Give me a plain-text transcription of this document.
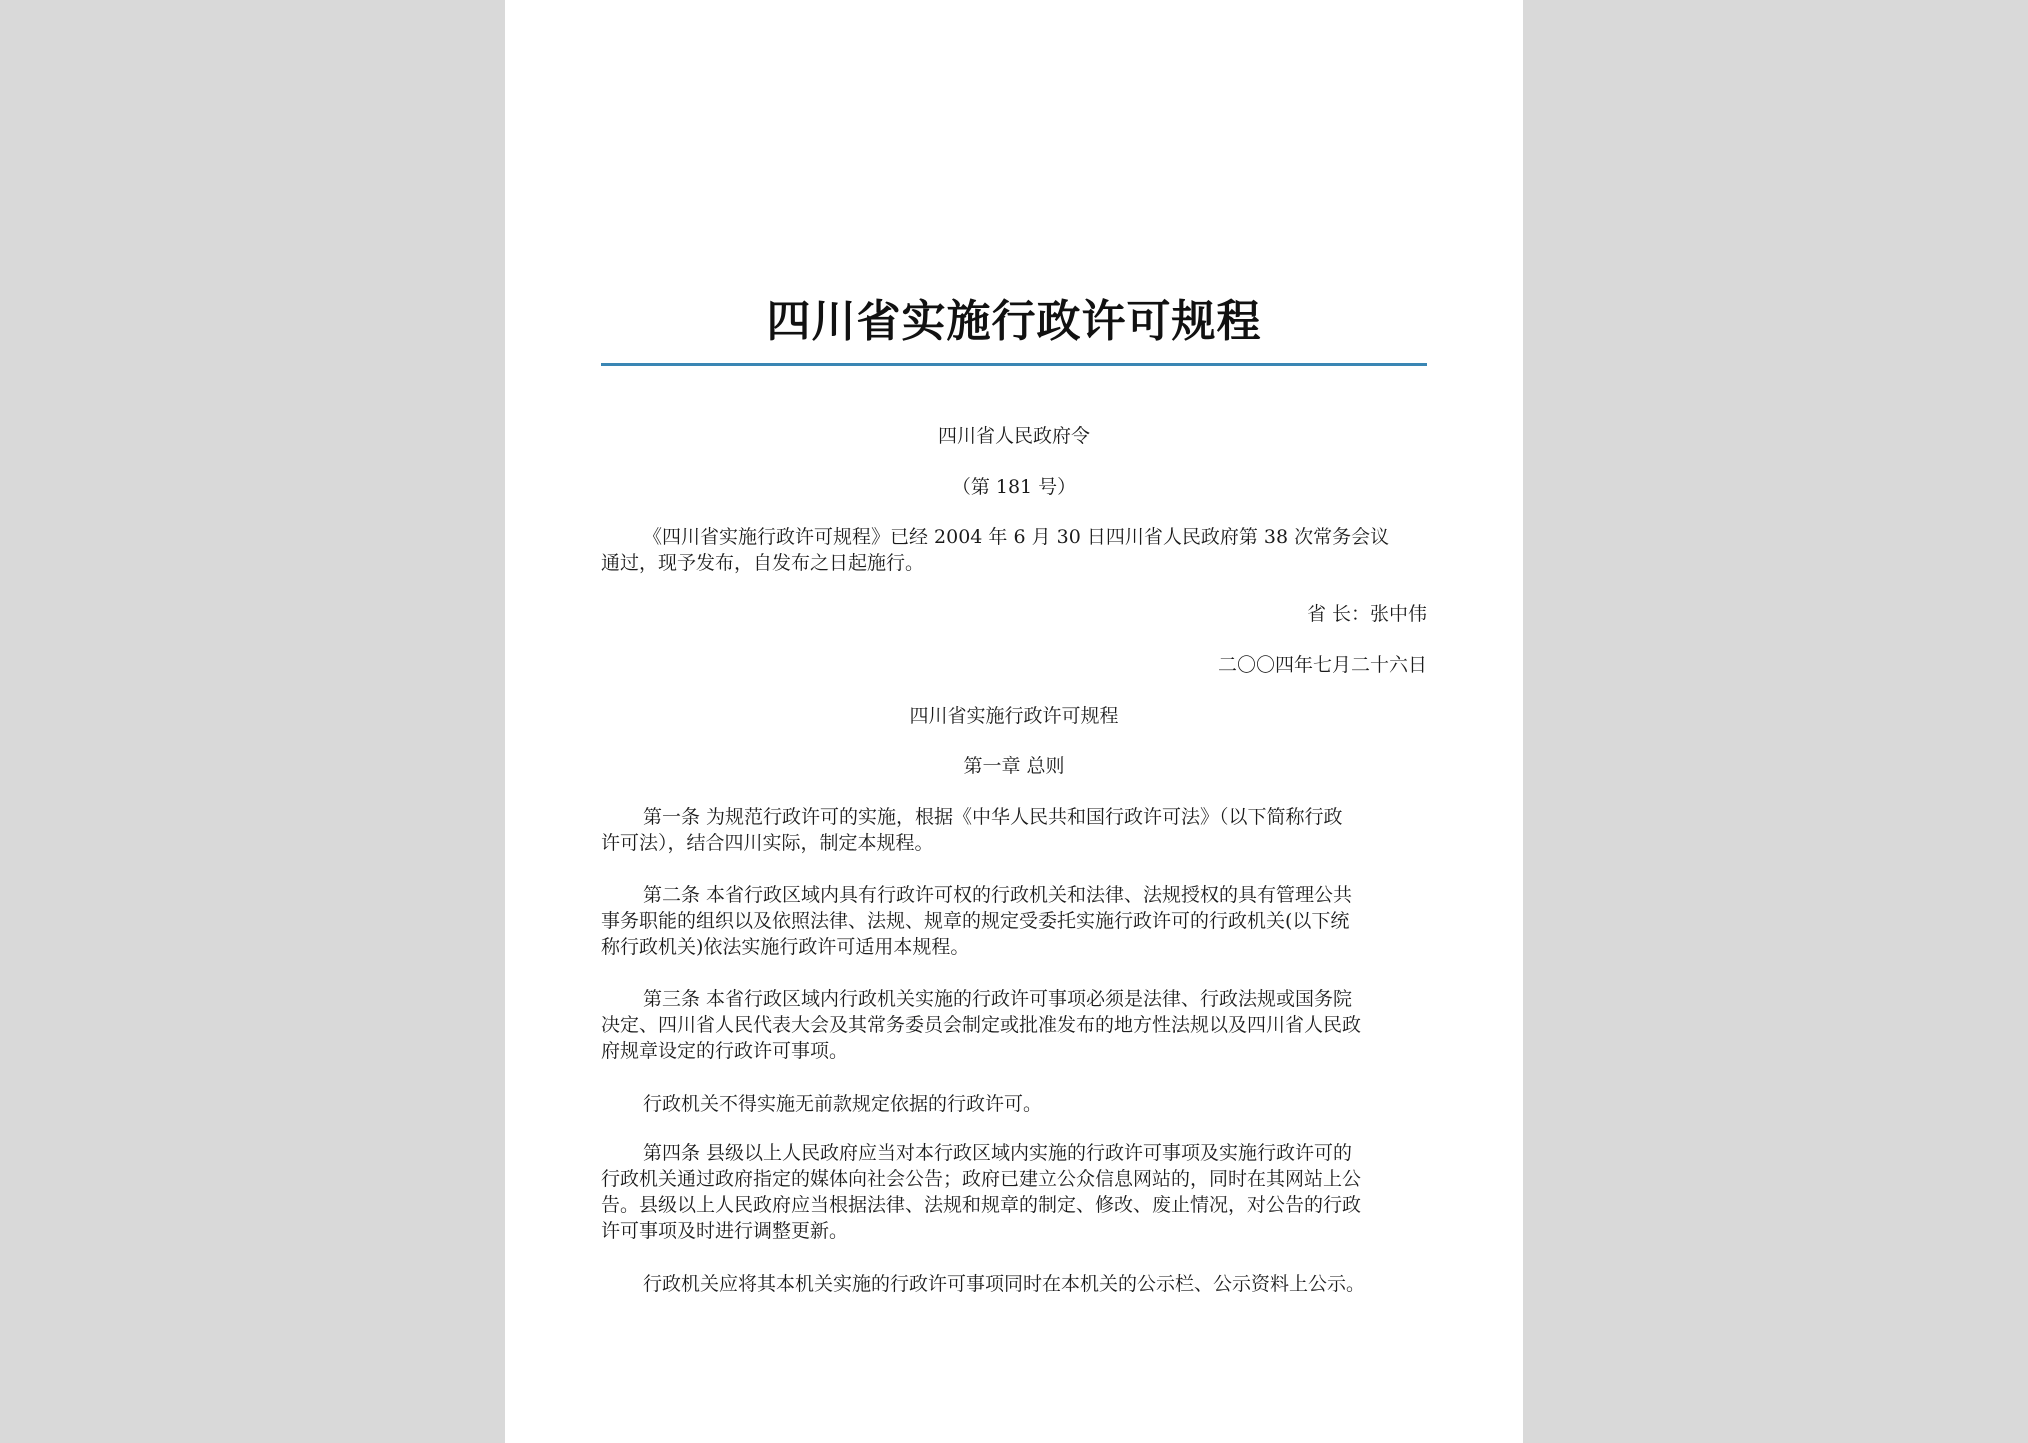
四川省实施行政许可规程
四川省人民政府令
（第 181 号）
《四川省实施行政许可规程》已经 2004 年 6 月 30 日四川省人民政府第 38 次常务会议
通过，现予发布，自发布之日起施行。
省 长：张中伟
二〇〇四年七月二十六日
四川省实施行政许可规程
第一章 总则
第一条 为规范行政许可的实施，根据《中华人民共和国行政许可法》（以下简称行政
许可法），结合四川实际，制定本规程。
第二条 本省行政区域内具有行政许可权的行政机关和法律、法规授权的具有管理公共
事务职能的组织以及依照法律、法规、规章的规定受委托实施行政许可的行政机关(以下统
称行政机关)依法实施行政许可适用本规程。
第三条 本省行政区域内行政机关实施的行政许可事项必须是法律、行政法规或国务院
决定、四川省人民代表大会及其常务委员会制定或批准发布的地方性法规以及四川省人民政
府规章设定的行政许可事项。
行政机关不得实施无前款规定依据的行政许可。
第四条 县级以上人民政府应当对本行政区域内实施的行政许可事项及实施行政许可的
行政机关通过政府指定的媒体向社会公告；政府已建立公众信息网站的，同时在其网站上公
告。县级以上人民政府应当根据法律、法规和规章的制定、修改、废止情况，对公告的行政
许可事项及时进行调整更新。
行政机关应将其本机关实施的行政许可事项同时在本机关的公示栏、公示资料上公示。
